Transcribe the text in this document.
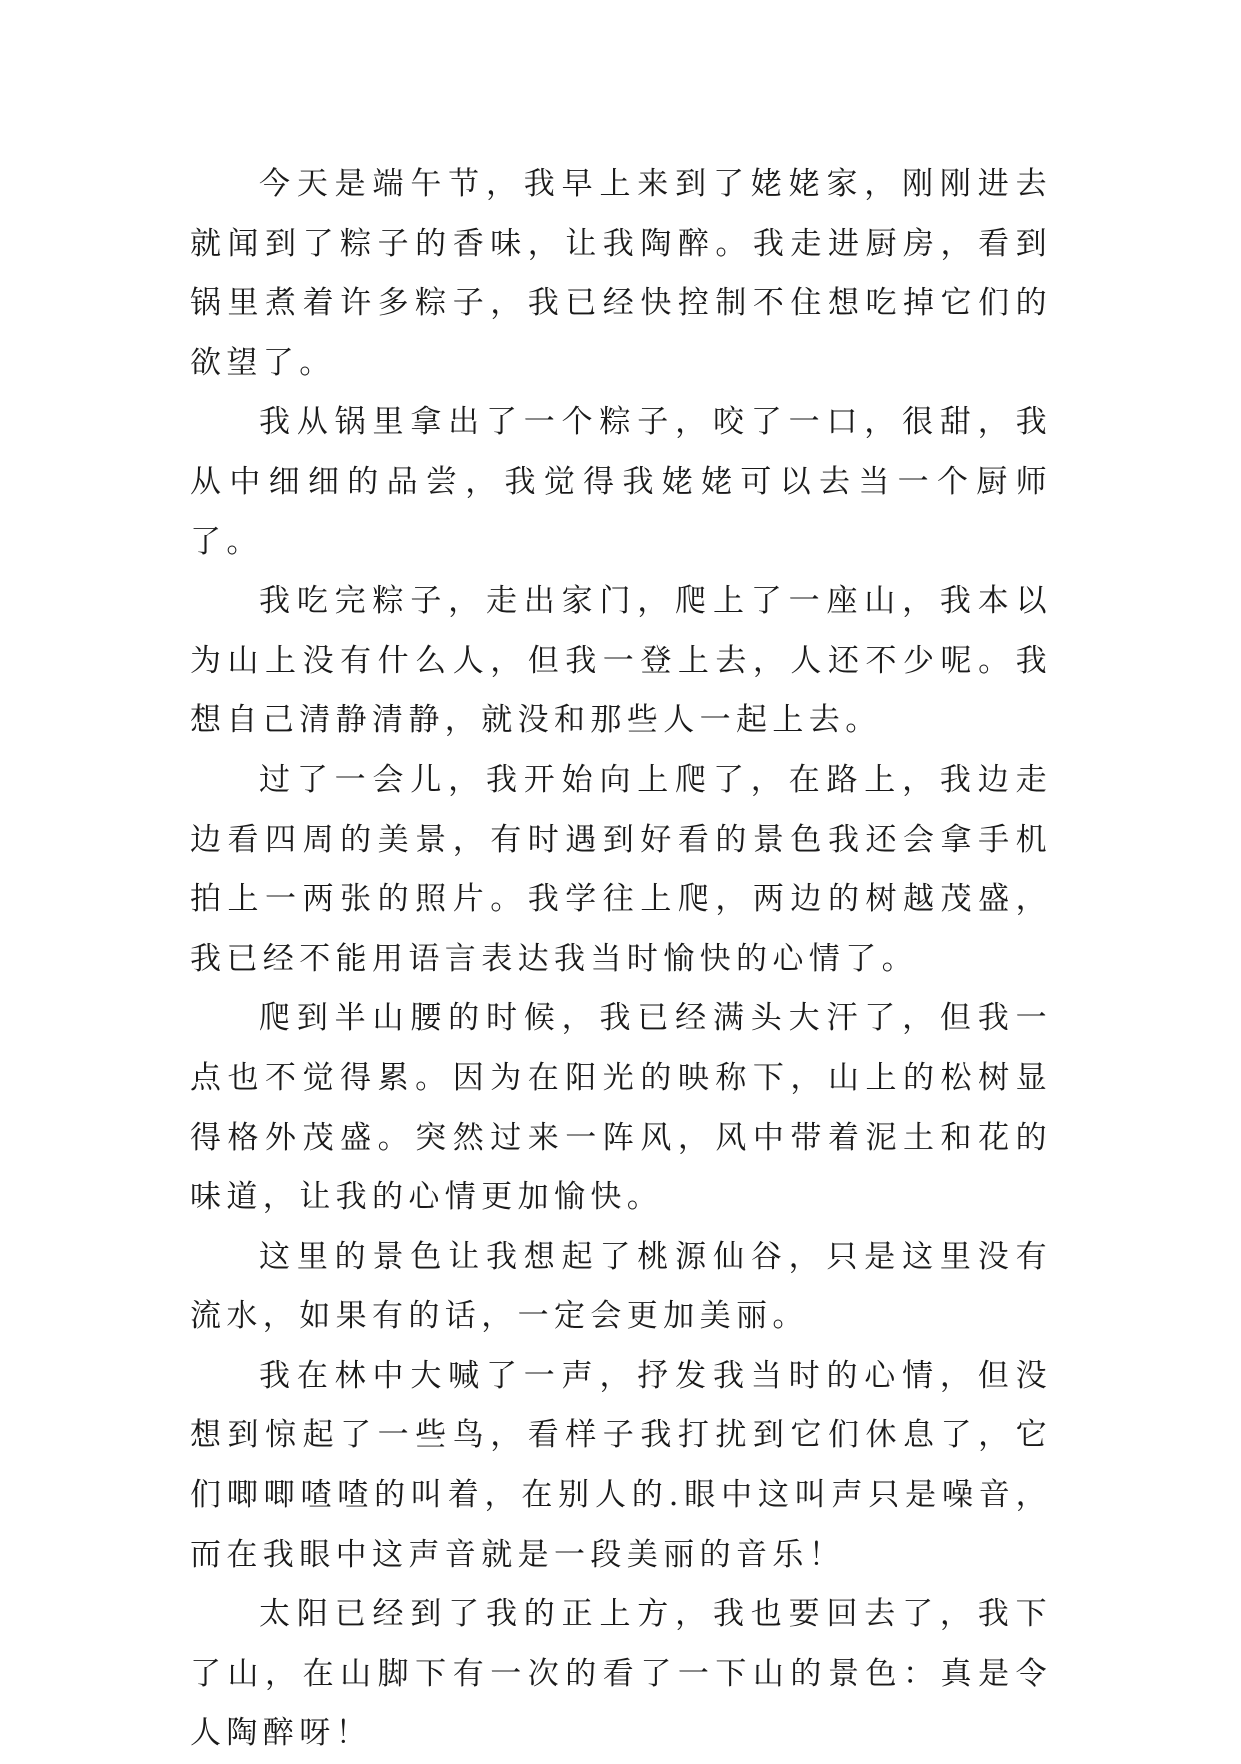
今天是端午节，我早上来到了姥姥家，刚刚进去就闻到了粽子的香味，让我陶醉。我走进厨房，看到锅里煮着许多粽子，我已经快控制不住想吃掉它们的欲望了。

我从锅里拿出了一个粽子，咬了一口，很甜，我从中细细的品尝，我觉得我姥姥可以去当一个厨师了。

我吃完粽子，走出家门，爬上了一座山，我本以为山上没有什么人，但我一登上去，人还不少呢。我想自己清静清静，就没和那些人一起上去。

过了一会儿，我开始向上爬了，在路上，我边走边看四周的美景，有时遇到好看的景色我还会拿手机拍上一两张的照片。我学往上爬，两边的树越茂盛，我已经不能用语言表达我当时愉快的心情了。

爬到半山腰的时候，我已经满头大汗了，但我一点也不觉得累。因为在阳光的映称下，山上的松树显得格外茂盛。突然过来一阵风，风中带着泥土和花的味道，让我的心情更加愉快。

这里的景色让我想起了桃源仙谷，只是这里没有流水，如果有的话，一定会更加美丽。

我在林中大喊了一声，抒发我当时的心情，但没想到惊起了一些鸟，看样子我打扰到它们休息了，它们唧唧喳喳的叫着，在别人的.眼中这叫声只是噪音，而在我眼中这声音就是一段美丽的音乐！

太阳已经到了我的正上方，我也要回去了，我下了山，在山脚下有一次的看了一下山的景色：真是令人陶醉呀！
